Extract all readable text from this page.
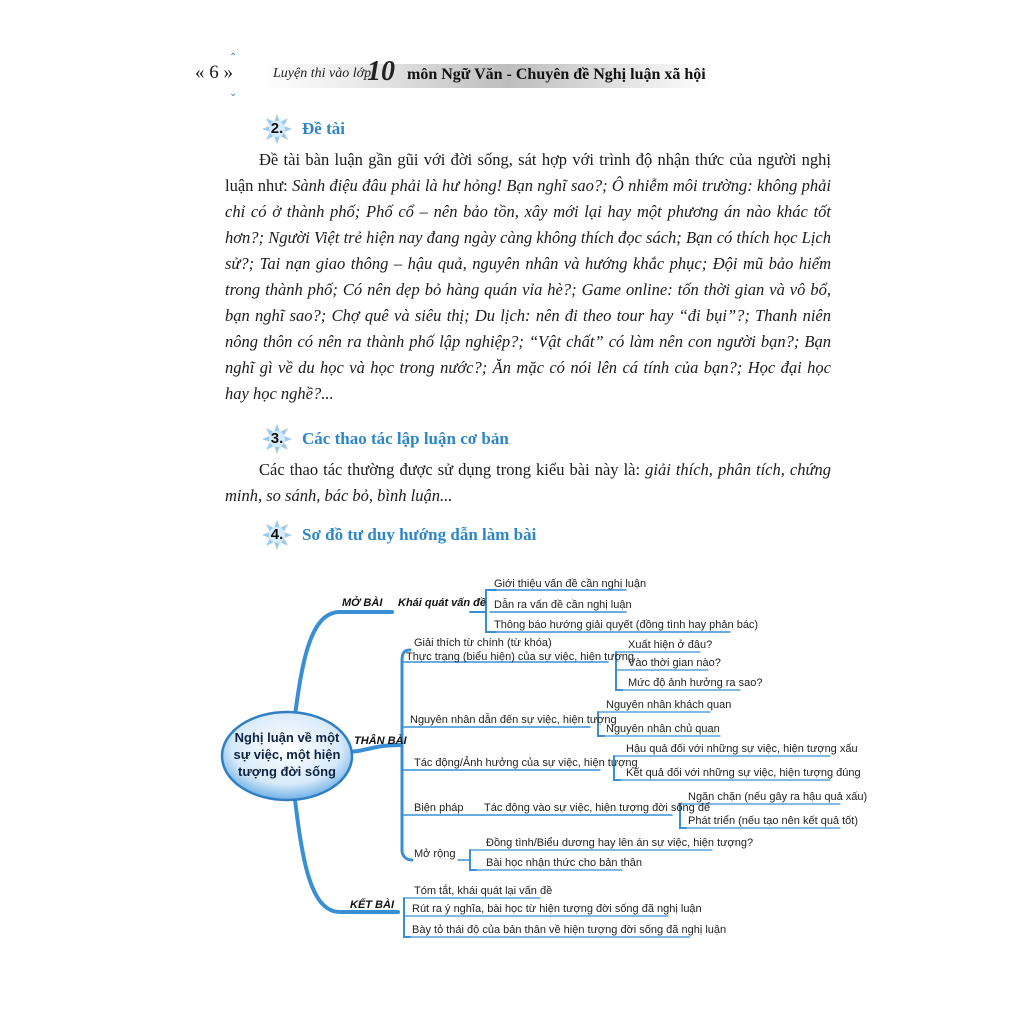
« 6 »
⌃
⌄
Luyện thi vào lớp
10 môn Ngữ Văn - Chuyên đề Nghị luận xã hội
2.	Đề tài
Đề tài bàn luận gần gũi với đời sống, sát hợp với trình độ nhận thức của người nghị luận như: Sành điệu đâu phải là hư hỏng! Bạn nghĩ sao?; Ô nhiễm môi trường: không phải chỉ có ở thành phố; Phố cổ – nên bảo tồn, xây mới lại hay một phương án nào khác tốt hơn?; Người Việt trẻ hiện nay đang ngày càng không thích đọc sách; Bạn có thích học Lịch sử?; Tai nạn giao thông – hậu quả, nguyên nhân và hướng khắc phục; Đội mũ bảo hiểm trong thành phố; Có nên dẹp bỏ hàng quán vỉa hè?; Game online: tốn thời gian và vô bổ, bạn nghĩ sao?; Chợ quê và siêu thị; Du lịch: nên đi theo tour hay “đi bụi”?; Thanh niên nông thôn có nên ra thành phố lập nghiệp?; “Vật chất” có làm nên con người bạn?; Bạn nghĩ gì về du học và học trong nước?; Ăn mặc có nói lên cá tính của bạn?; Học đại học hay học nghề?...
3.	Các thao tác lập luận cơ bản
Các thao tác thường được sử dụng trong kiểu bài này là: giải thích, phân tích, chứng minh, so sánh, bác bỏ, bình luận...
4.	Sơ đồ tư duy hướng dẫn làm bài
Nghị luận về một
sự việc, một hiện
tượng đời sống
MỞ BÀI Khái quát vấn đề
Giới thiệu vấn đề cần nghị luận
Dẫn ra vấn đề cần nghị luận
Thông báo hướng giải quyết (đồng tình hay phản bác)
THÂN BÀI
Giải thích từ chính (từ khóa)
Thực trạng (biểu hiện) của sự việc, hiện tượng
Xuất hiện ở đâu?
Vào thời gian nào?
Mức độ ảnh hưởng ra sao?
Nguyên nhân dẫn đến sự việc, hiện tượng
Nguyên nhân khách quan
Nguyên nhân chủ quan
Tác động/Ảnh hưởng của sự việc, hiện tượng
Hậu quả đối với những sự việc, hiện tượng xấu
Kết quả đối với những sự việc, hiện tượng đúng
Biện pháp Tác động vào sự việc, hiện tượng đời sống để
Ngăn chặn (nếu gây ra hậu quả xấu)
Phát triển (nếu tạo nên kết quả tốt)
Mở rộng
Đồng tình/Biểu dương hay lên án sự việc, hiện tượng?
Bài học nhận thức cho bản thân
KẾT BÀI
Tóm tắt, khái quát lại vấn đề
Rút ra ý nghĩa, bài học từ hiện tượng đời sống đã nghị luận
Bày tỏ thái độ của bản thân về hiện tượng đời sống đã nghị luận
